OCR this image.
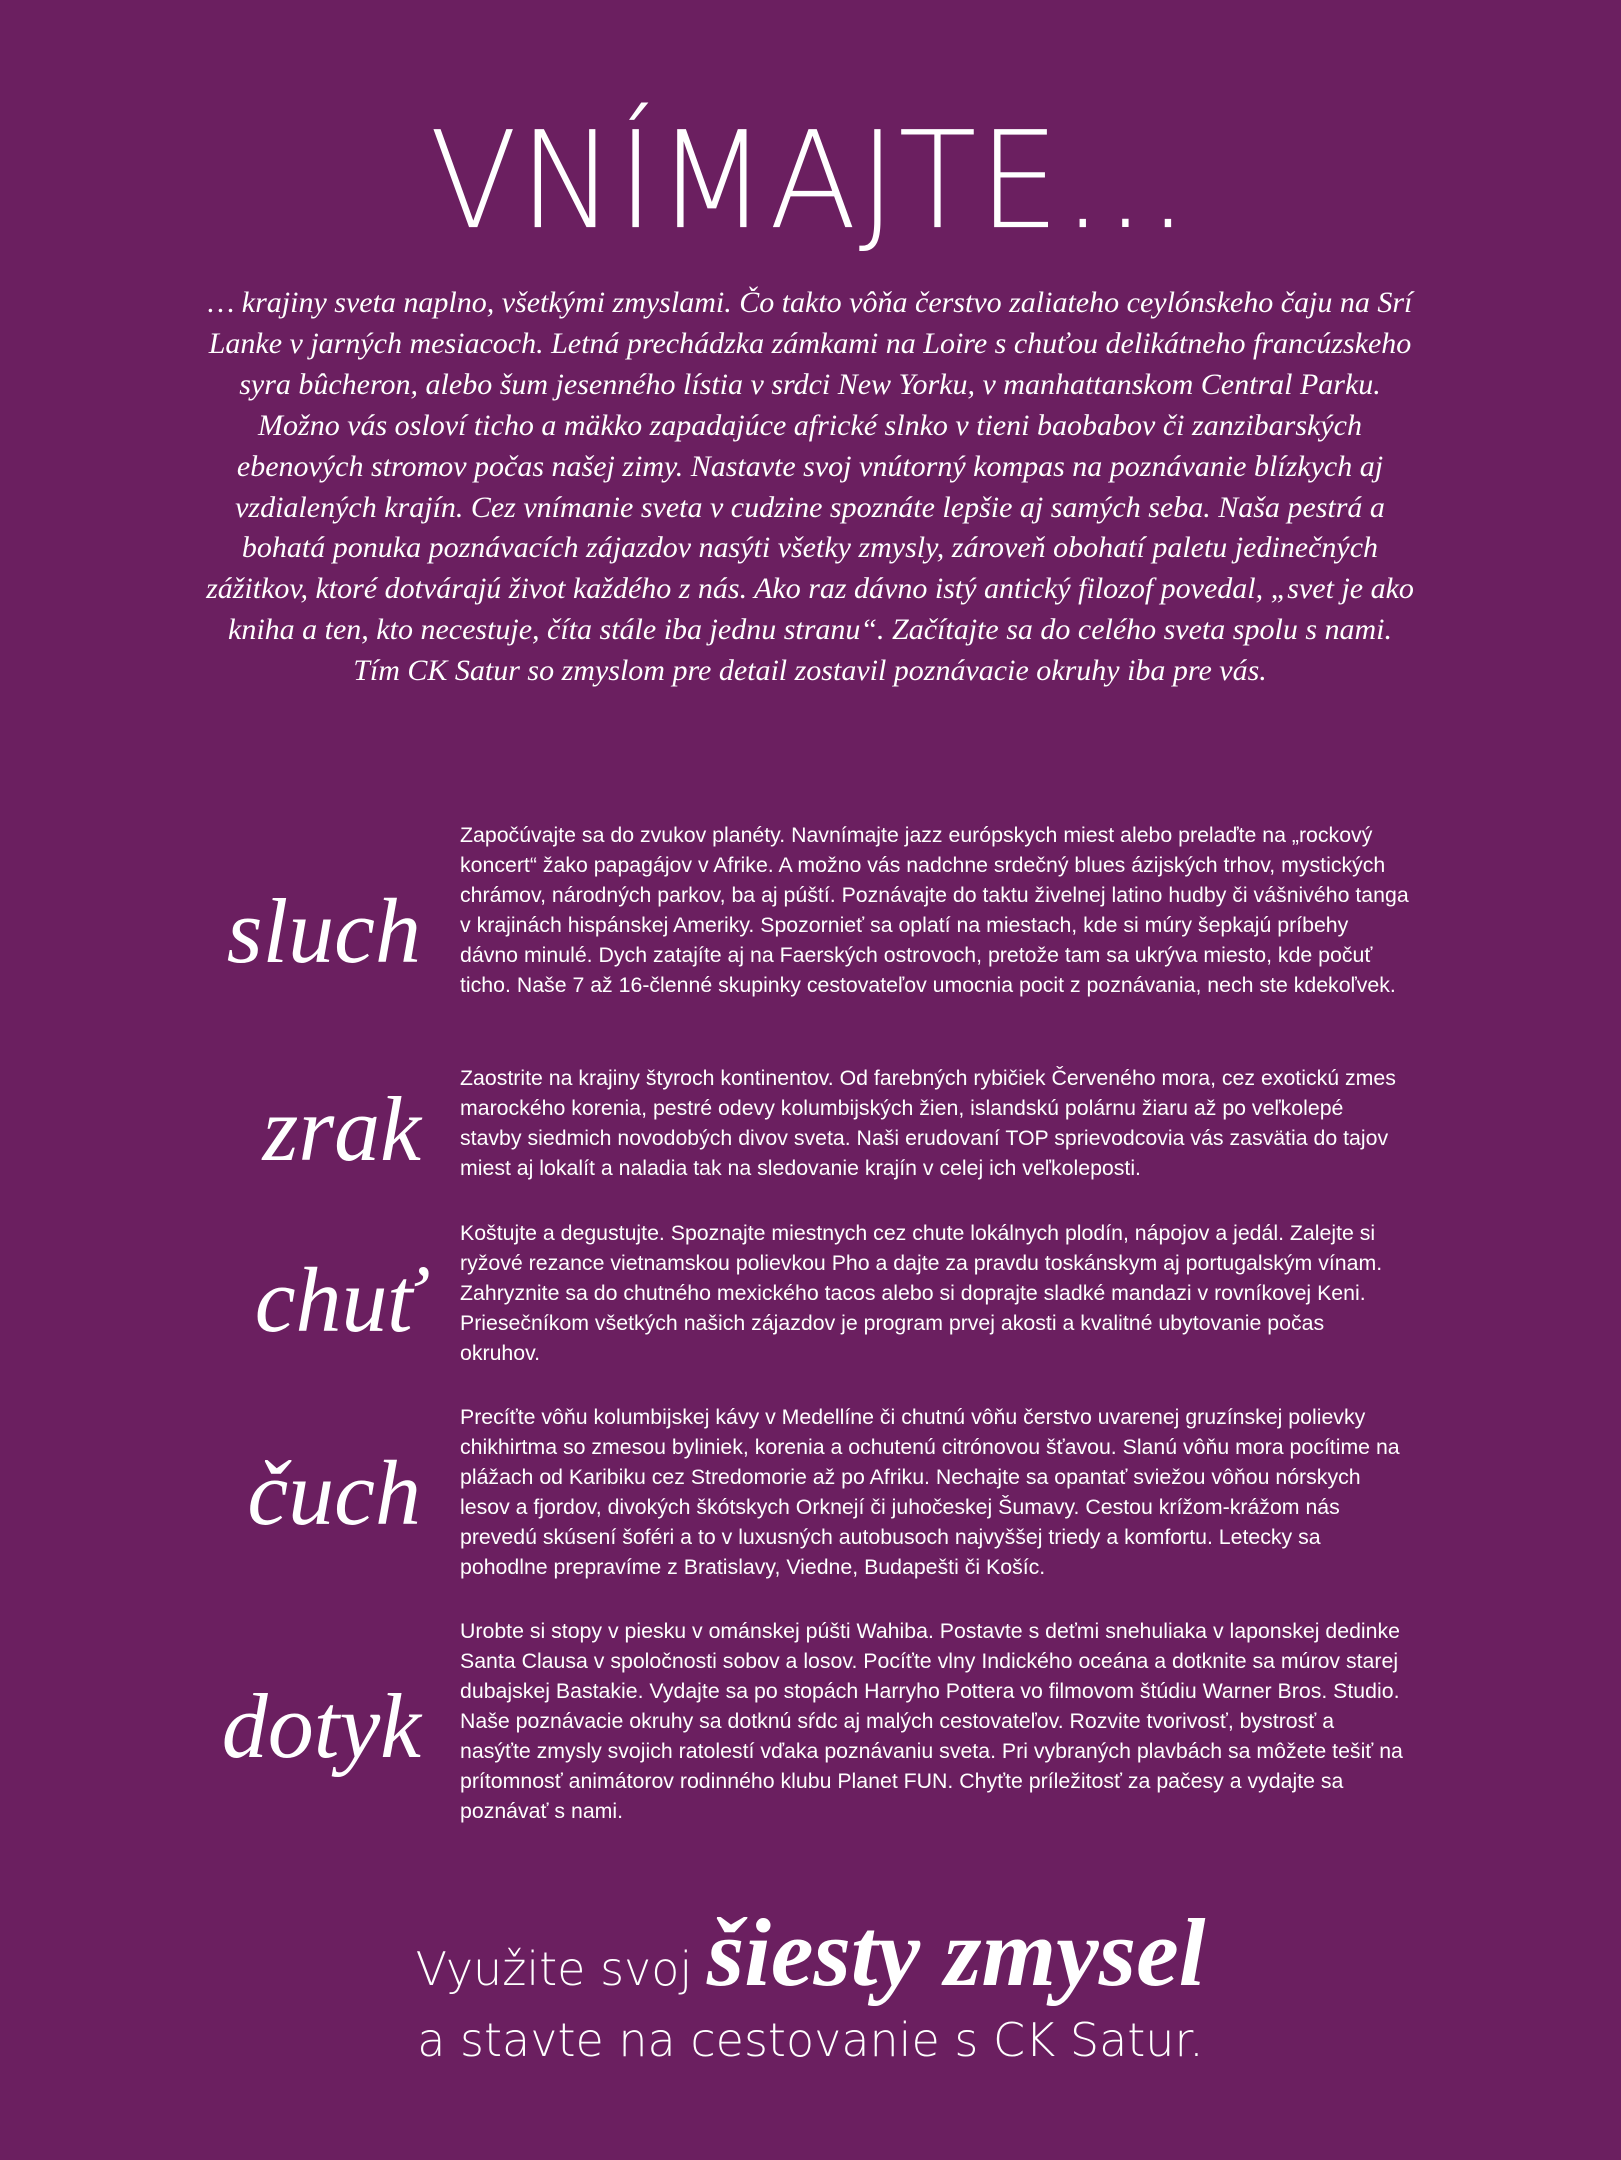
VNÍMAJTE…
… krajiny sveta naplno, všetkými zmyslami. Čo takto vôňa čerstvo zaliateho ceylónskeho čaju na Srí Lanke v jarných mesiacoch. Letná prechádzka zámkami na Loire s chuťou delikátneho francúzskeho syra bûcheron, alebo šum jesenného lístia v srdci New Yorku, v manhattanskom Central Parku. Možno vás osloví ticho a mäkko zapadajúce africké slnko v tieni baobabov či zanzibarských ebenových stromov počas našej zimy. Nastavte svoj vnútorný kompas na poznávanie blízkych aj vzdialených krajín. Cez vnímanie sveta v cudzine spoznáte lepšie aj samých seba. Naša pestrá a bohatá ponuka poznávacích zájazdov nasýti všetky zmysly, zároveň obohatí paletu jedinečných zážitkov, ktoré dotvárajú život každého z nás. Ako raz dávno istý antický filozof povedal, „svet je ako kniha a ten, kto necestuje, číta stále iba jednu stranu“. Začítajte sa do celého sveta spolu s nami. Tím CK Satur so zmyslom pre detail zostavil poznávacie okruhy iba pre vás.
sluch
Započúvajte sa do zvukov planéty. Navnímajte jazz európskych miest alebo prelaďte na „rockový koncert“ žako papagájov v Afrike. A možno vás nadchne srdečný blues ázijských trhov, mystických chrámov, národných parkov, ba aj púští. Poznávajte do taktu živelnej latino hudby či vášnivého tanga v krajinách hispánskej Ameriky. Spozornieť sa oplatí na miestach, kde si múry šepkajú príbehy dávno minulé. Dych zatajíte aj na Faerských ostrovoch, pretože tam sa ukrýva miesto, kde počuť ticho. Naše 7 až 16-členné skupinky cestovateľov umocnia pocit z poznávania, nech ste kdekoľvek.
zrak Zaostrite na krajiny štyroch kontinentov. Od farebných rybičiek Červeného mora, cez exotickú zmes marockého korenia, pestré odevy kolumbijských žien, islandskú polárnu žiaru až po veľkolepé stavby siedmich novodobých divov sveta. Naši erudovaní TOP sprievodcovia vás zasvätia do tajov miest aj lokalít a naladia tak na sledovanie krajín v celej ich veľkoleposti.
chuť
Koštujte a degustujte. Spoznajte miestnych cez chute lokálnych plodín, nápojov a jedál. Zalejte si ryžové rezance vietnamskou polievkou Pho a dajte za pravdu toskánskym aj portugalským vínam. Zahryznite sa do chutného mexického tacos alebo si doprajte sladké mandazi v rovníkovej Keni. Priesečníkom všetkých našich zájazdov je program prvej akosti a kvalitné ubytovanie počas okruhov.
čuch
Precíťte vôňu kolumbijskej kávy v Medellíne či chutnú vôňu čerstvo uvarenej gruzínskej polievky chikhirtma so zmesou byliniek, korenia a ochutenú citrónovou šťavou. Slanú vôňu mora pocítime na plážach od Karibiku cez Stredomorie až po Afriku. Nechajte sa opantať sviežou vôňou nórskych lesov a fjordov, divokých škótskych Orknejí či juhočeskej Šumavy. Cestou krížom-krážom nás prevedú skúsení šoféri a to v luxusných autobusoch najvyššej triedy a komfortu. Letecky sa pohodlne prepravíme z Bratislavy, Viedne, Budapešti či Košíc.
dotyk
Urobte si stopy v piesku v ománskej púšti Wahiba. Postavte s deťmi snehuliaka v laponskej dedinke Santa Clausa v spoločnosti sobov a losov. Pocíťte vlny Indického oceána a dotknite sa múrov starej dubajskej Bastakie. Vydajte sa po stopách Harryho Pottera vo filmovom štúdiu Warner Bros. Studio. Naše poznávacie okruhy sa dotknú sŕdc aj malých cestovateľov. Rozvite tvorivosť, bystrosť a nasýťte zmysly svojich ratolestí vďaka poznávaniu sveta. Pri vybraných plavbách sa môžete tešiť na prítomnosť animátorov rodinného klubu Planet FUN. Chyťte príležitosť za pačesy a vydajte sa poznávať s nami.
Využite svoj šiesty zmysel
a stavte na cestovanie s CK Satur.
